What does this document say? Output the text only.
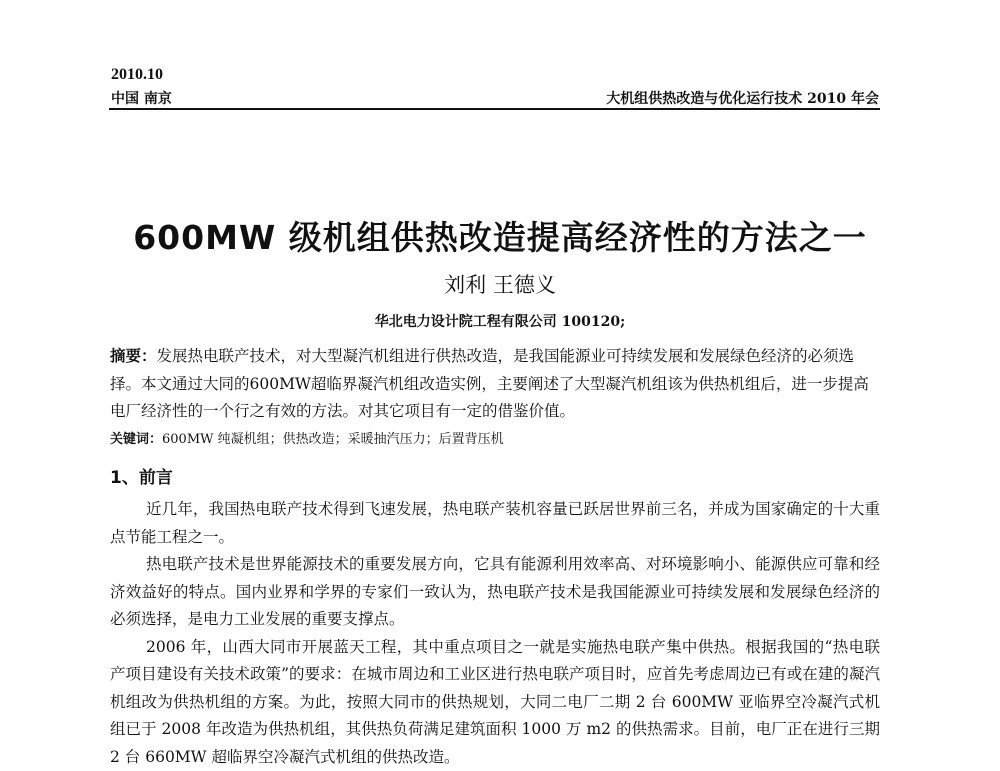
2010.10
中国 南京	大机组供热改造与优化运行技术 2010 年会
600MW 级机组供热改造提高经济性的方法之一
刘利 王德义
华北电力设计院工程有限公司 100120;
摘要：发展热电联产技术，对大型凝汽机组进行供热改造，是我国能源业可持续发展和发展绿色经济的必须选择。本文通过大同的600MW超临界凝汽机组改造实例，主要阐述了大型凝汽机组该为供热机组后，进一步提高电厂经济性的一个行之有效的方法。对其它项目有一定的借鉴价值。
关键词：600MW 纯凝机组；供热改造；采暖抽汽压力；后置背压机
1、前言

近几年，我国热电联产技术得到飞速发展，热电联产装机容量已跃居世界前三名，并成为国家确定的十大重点节能工程之一。

热电联产技术是世界能源技术的重要发展方向，它具有能源利用效率高、对环境影响小、能源供应可靠和经济效益好的特点。国内业界和学界的专家们一致认为，热电联产技术是我国能源业可持续发展和发展绿色经济的必须选择，是电力工业发展的重要支撑点。

2006 年，山西大同市开展蓝天工程，其中重点项目之一就是实施热电联产集中供热。根据我国的“热电联产项目建设有关技术政策”的要求：在城市周边和工业区进行热电联产项目时，应首先考虑周边已有或在建的凝汽机组改为供热机组的方案。为此，按照大同市的供热规划，大同二电厂二期 2 台 600MW 亚临界空冷凝汽式机组已于 2008 年改造为供热机组，其供热负荷满足建筑面积 1000 万 m2 的供热需求。目前，电厂正在进行三期 2 台 660MW 超临界空冷凝汽式机组的供热改造。
